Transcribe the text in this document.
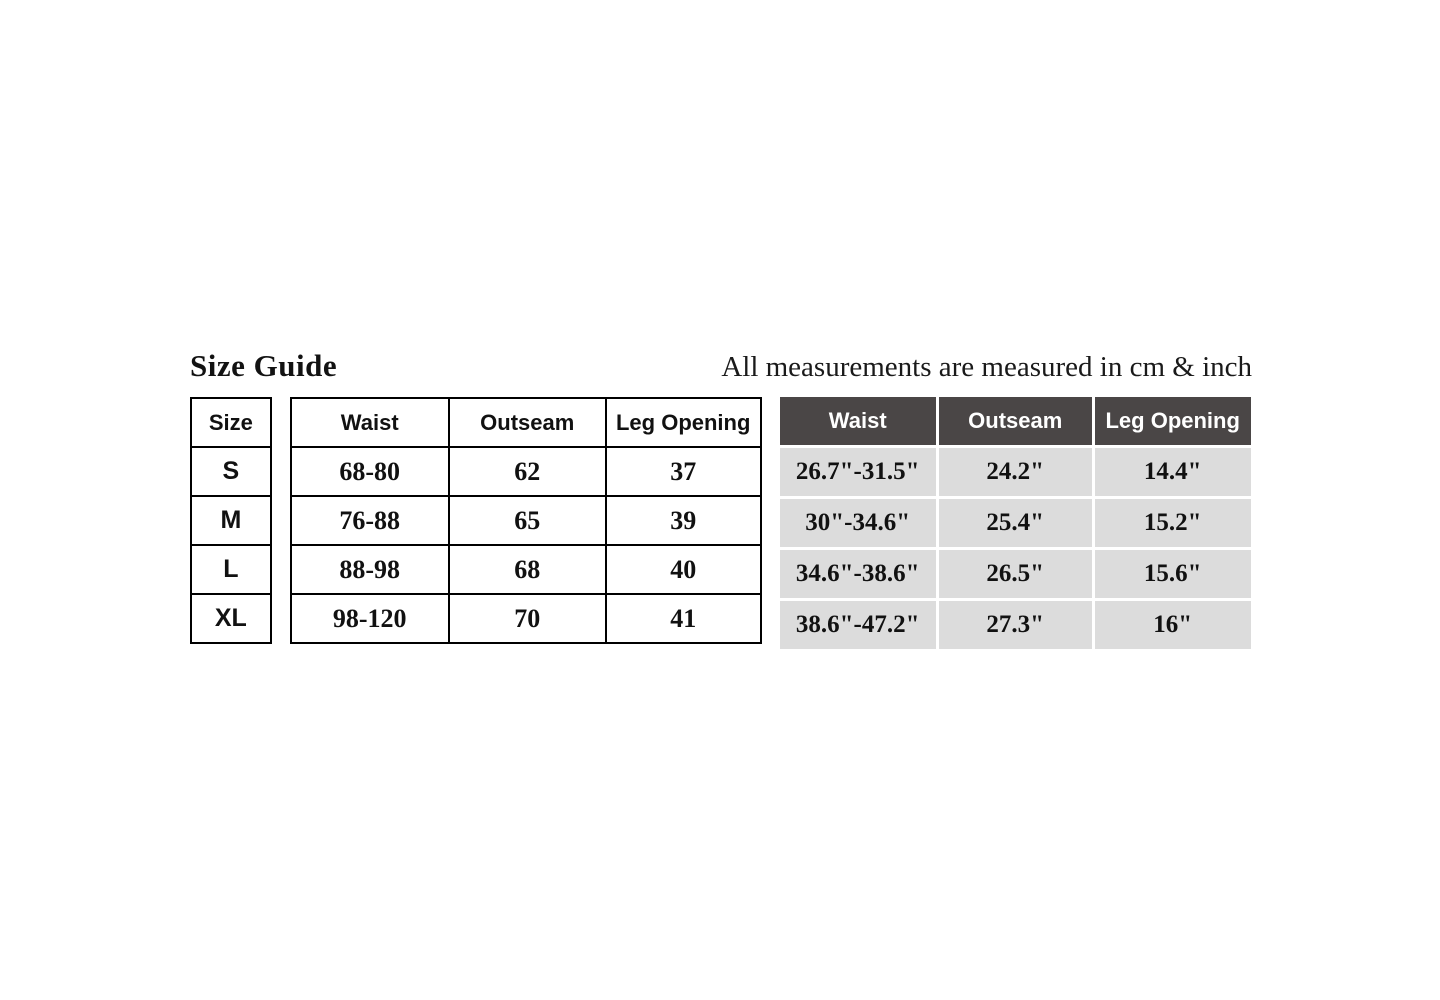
Size Guide	All measurements are measured in cm & inch
Size
S
M
L
XL
Waist	Outseam	Leg Opening
68-80	62	37
76-88	65	39
88-98	68	40
98-120	70	41
Waist	Outseam	Leg Opening
26.7"-31.5"	24.2"	14.4"
30"-34.6"	25.4"	15.2"
34.6"-38.6"	26.5"	15.6"
38.6"-47.2"	27.3"	16"
